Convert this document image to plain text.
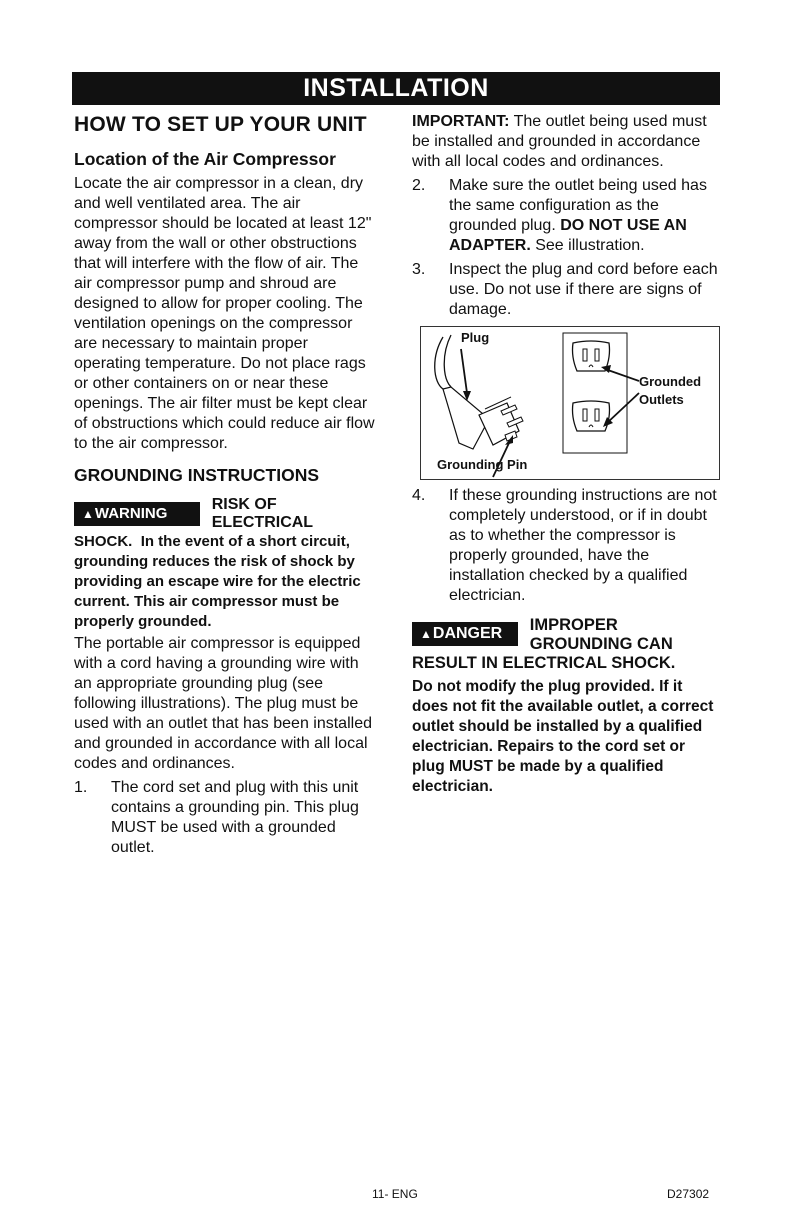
INSTALLATION
HOW TO SET UP YOUR UNIT
Location of the Air Compressor

Locate the air compressor in a clean, dry and well ventilated area. The air compressor should be located at least 12" away from the wall or other obstructions that will interfere with the flow of air. The air compressor pump and shroud are designed to allow for proper cooling. The ventilation openings on the compressor are necessary to maintain proper operating temperature. Do not place rags or other containers on or near these openings. The air filter must be kept clear of obstructions which could reduce air flow to the air compressor.

GROUNDING INSTRUCTIONS
▲WARNING
RISK OF ELECTRICAL

SHOCK. In the event of a short circuit, grounding reduces the risk of shock by providing an escape wire for the electric current. This air compressor must be properly grounded.

The portable air compressor is equipped with a cord having a grounding wire with an appropriate grounding plug (see following illustrations). The plug must be used with an outlet that has been installed and grounded in accordance with all local codes and ordinances.

1.	The cord set and plug with this unit contains a grounding pin. This plug MUST be used with a grounded outlet.

IMPORTANT: The outlet being used must be installed and grounded in accordance with all local codes and ordinances.

2.	Make sure the outlet being used has the same configuration as the grounded plug. DO NOT USE AN ADAPTER. See illustration.
3.	Inspect the plug and cord before each use. Do not use if there are signs of damage.
Plug
Grounded
Outlets
Grounding Pin
4.	If these grounding instructions are not completely understood, or if in doubt as to whether the compressor is properly grounded, have the installation checked by a qualified electrician.
▲DANGER	IMPROPER GROUNDING CAN
RESULT IN ELECTRICAL SHOCK.

Do not modify the plug provided. If it does not fit the available outlet, a correct outlet should be installed by a qualified electrician. Repairs to the cord set or plug MUST be made by a qualified electrician.

11- ENG	D27302
